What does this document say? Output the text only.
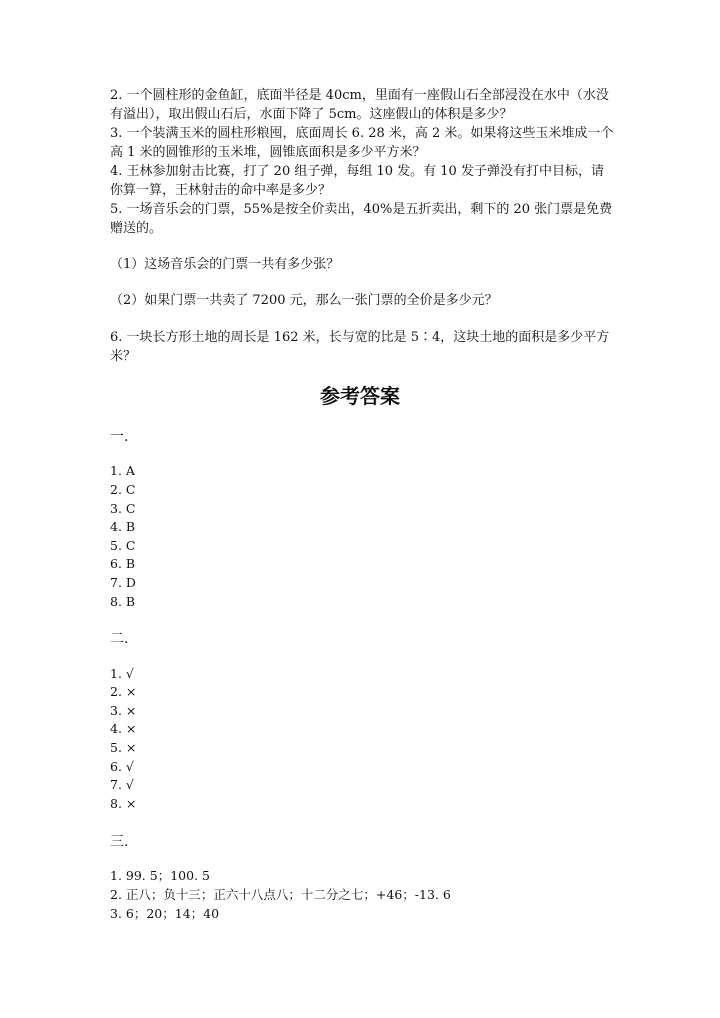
2. 一个圆柱形的金鱼缸，底面半径是 40cm，里面有一座假山石全部浸没在水中（水没有溢出），取出假山石后，水面下降了 5cm。这座假山的体积是多少？

3. 一个装满玉米的圆柱形粮囤，底面周长 6. 28 米，高 2 米。如果将这些玉米堆成一个高 1 米的圆锥形的玉米堆，圆锥底面积是多少平方米？

4. 王林参加射击比赛，打了 20 组子弹，每组 10 发。有 10 发子弹没有打中目标，请你算一算，王林射击的命中率是多少？

5. 一场音乐会的门票，55%是按全价卖出，40%是五折卖出，剩下的 20 张门票是免费赠送的。

（1）这场音乐会的门票一共有多少张？

（2）如果门票一共卖了 7200 元，那么一张门票的全价是多少元？

6. 一块长方形土地的周长是 162 米，长与宽的比是 5∶4，这块土地的面积是多少平方米？

参考答案

一.

1. A

2. C

3. C

4. B

5. C

6. B

7. D

8. B

二.

1. √

2. ×

3. ×

4. ×

5. ×

6. √

7. √

8. ×

三.

1. 99. 5；100. 5

2. 正八；负十三；正六十八点八；十二分之七；+46；-13. 6

3. 6；20；14；40
